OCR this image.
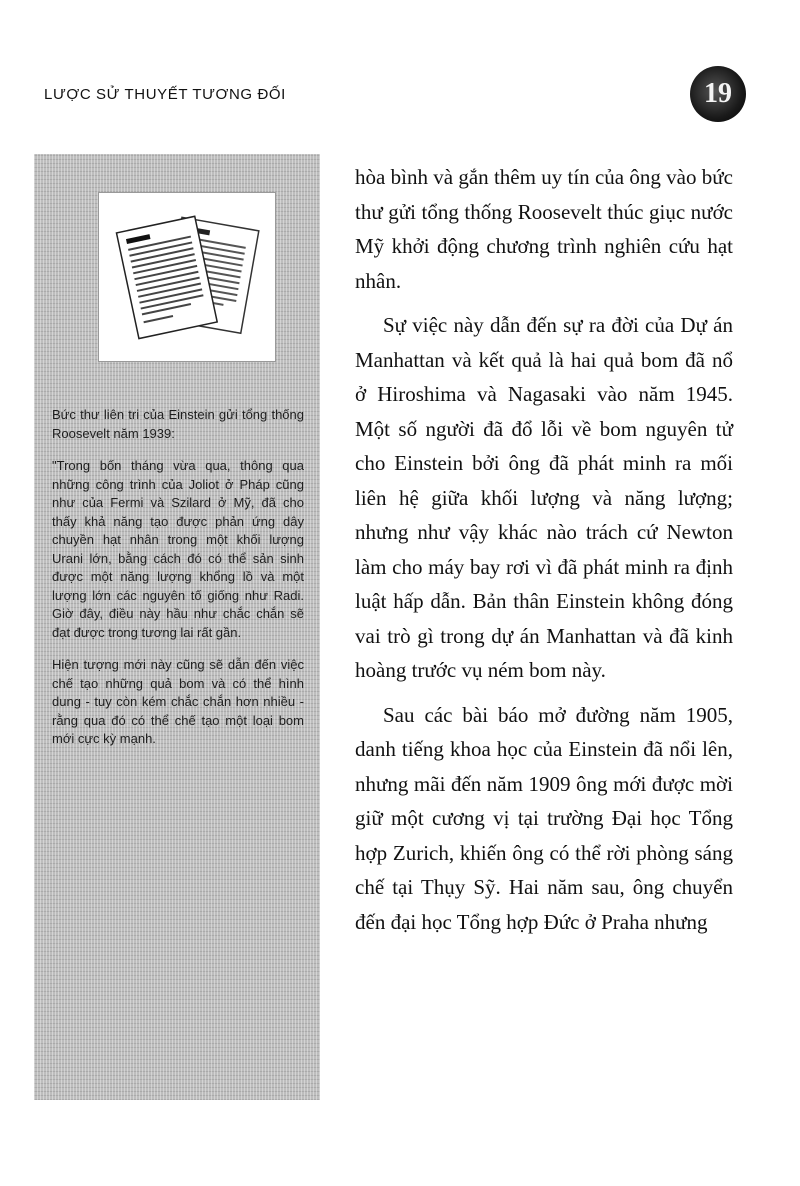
LƯỢC SỬ THUYẾT TƯƠNG ĐỐI	19

Bức thư liên tri của Einstein gửi tổng thống Roosevelt năm 1939:

"Trong bốn tháng vừa qua, thông qua những công trình của Joliot ở Pháp cũng như của Fermi và Szilard ở Mỹ, đã cho thấy khả năng tạo được phản ứng dây chuyền hạt nhân trong một khối lượng Urani lớn, bằng cách đó có thể sản sinh được một năng lượng khổng lồ và một lượng lớn các nguyên tố giống như Radi. Giờ đây, điều này hầu như chắc chắn sẽ đạt được trong tương lai rất gần.

Hiện tượng mới này cũng sẽ dẫn đến việc chế tạo những quả bom và có thể hình dung - tuy còn kém chắc chắn hơn nhiều - rằng qua đó có thể chế tạo một loại bom mới cực kỳ mạnh.

hòa bình và gắn thêm uy tín của ông vào bức thư gửi tổng thống Roosevelt thúc giục nước Mỹ khởi động chương trình nghiên cứu hạt nhân.

Sự việc này dẫn đến sự ra đời của Dự án Manhattan và kết quả là hai quả bom đã nổ ở Hiroshima và Nagasaki vào năm 1945. Một số người đã đổ lỗi về bom nguyên tử cho Einstein bởi ông đã phát minh ra mối liên hệ giữa khối lượng và năng lượng; nhưng như vậy khác nào trách cứ Newton làm cho máy bay rơi vì đã phát minh ra định luật hấp dẫn. Bản thân Einstein không đóng vai trò gì trong dự án Manhattan và đã kinh hoàng trước vụ ném bom này.

Sau các bài báo mở đường năm 1905, danh tiếng khoa học của Einstein đã nổi lên, nhưng mãi đến năm 1909 ông mới được mời giữ một cương vị tại trường Đại học Tổng hợp Zurich, khiến ông có thể rời phòng sáng chế tại Thụy Sỹ. Hai năm sau, ông chuyển đến đại học Tổng hợp Đức ở Praha nhưng
